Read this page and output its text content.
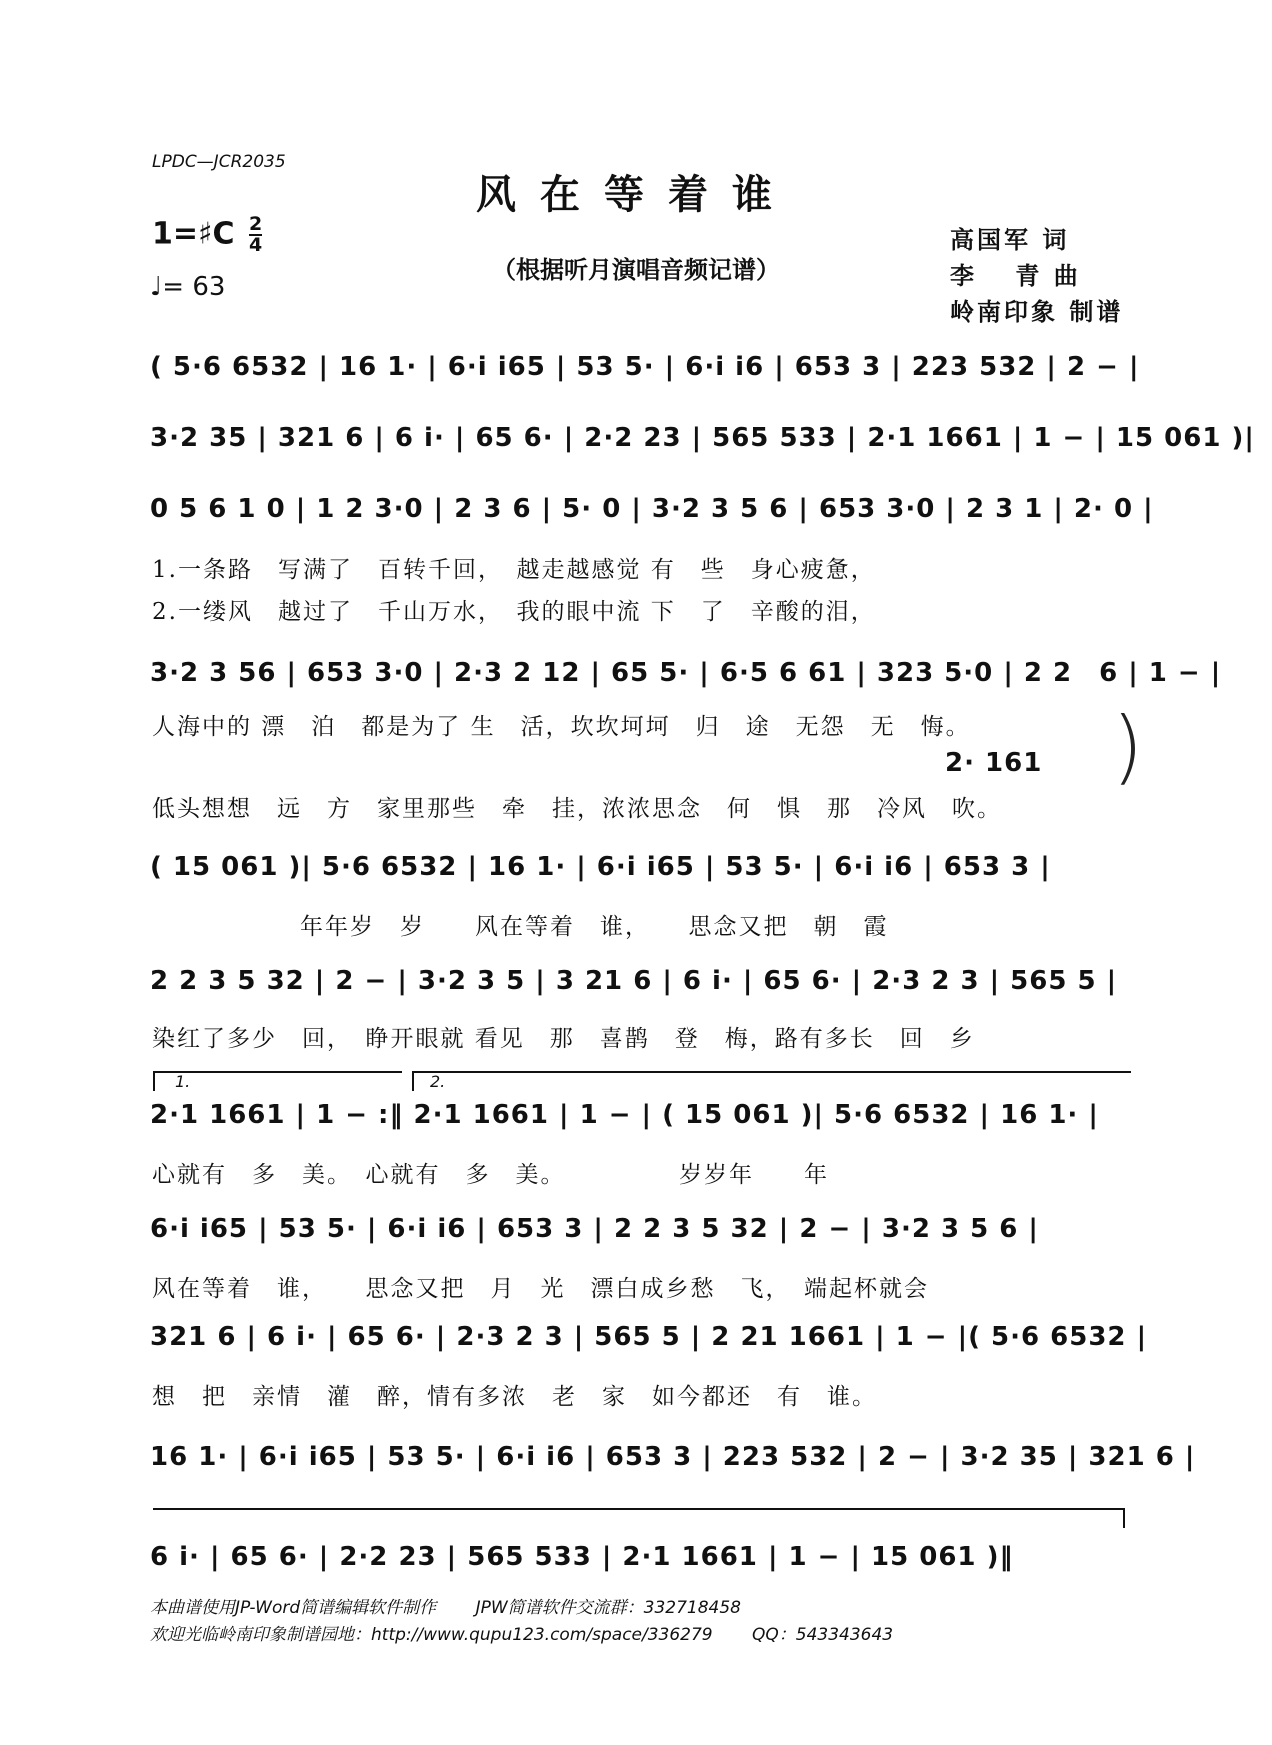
LPDC—JCR2035
风在等着谁
（根据听月演唱音频记谱）
1=♯C $\frac{2}{4}$
♩= 63
高国军 词
李　 青 曲
岭南印象 制谱
( 5·6 6532 | 16 1· | 6·i i65 | 53 5· | 6·i i6 | 653 3 | 223 532 | 2 − |
3·2 35 | 321 6 | 6 i· | 65 6· | 2·2 23 | 565 533 | 2·1 1661 | 1 − | 15 061 )|
0 5 6 1 0 | 1 2 3·0 | 2 3 6 | 5· 0 | 3·2 3 5 6 | 653 3·0 | 2 3 1 | 2· 0 |
1.一条路　写满了　百转千回，　越走越感觉 有　些　身心疲惫，
2.一缕风　越过了　千山万水，　我的眼中流 下　了　辛酸的泪，
3·2 3 56 | 653 3·0 | 2·3 2 12 | 65 5· | 6·5 6 61 | 323 5·0 | 2 2　6 | 1 − |
人海中的 漂　泊　都是为了 生　活，坎坎坷坷　归　途　无怨　无　悔。
2· 161
低头想想　远　方　家里那些　牵　挂，浓浓思念　何　惧　那　冷风　吹。
)
( 15 061 )| 5·6 6532 | 16 1· | 6·i i65 | 53 5· | 6·i i6 | 653 3 |
年年岁　岁　　风在等着　谁，　　思念又把　朝　霞
2 2 3 5 32 | 2 − | 3·2 3 5 | 3 21 6 | 6 i· | 65 6· | 2·3 2 3 | 565 5 |
染红了多少　回，　睁开眼就 看见　那　喜鹊　登　梅，路有多长　回　乡
1.	2.
2·1 1661 | 1 − :‖ 2·1 1661 | 1 − | ( 15 061 )| 5·6 6532 | 16 1· |
心就有　多　美。　心就有　多　美。　　　　　岁岁年　　年
6·i i65 | 53 5· | 6·i i6 | 653 3 | 2 2 3 5 32 | 2 − | 3·2 3 5 6 |
风在等着　谁，　　思念又把　月　光　漂白成乡愁　飞，　端起杯就会
321 6 | 6 i· | 65 6· | 2·3 2 3 | 565 5 | 2 21 1661 | 1 − |( 5·6 6532 |
想　把　亲情　灌　醉，情有多浓　老　家　如今都还　有　谁。
16 1· | 6·i i65 | 53 5· | 6·i i6 | 653 3 | 223 532 | 2 − | 3·2 35 | 321 6 |
6 i· | 65 6· | 2·2 23 | 565 533 | 2·1 1661 | 1 − | 15 061 )‖
本曲谱使用JP-Word简谱编辑软件制作　　 JPW简谱软件交流群：332718458
欢迎光临岭南印象制谱园地：http://www.qupu123.com/space/336279　　 QQ：543343643
